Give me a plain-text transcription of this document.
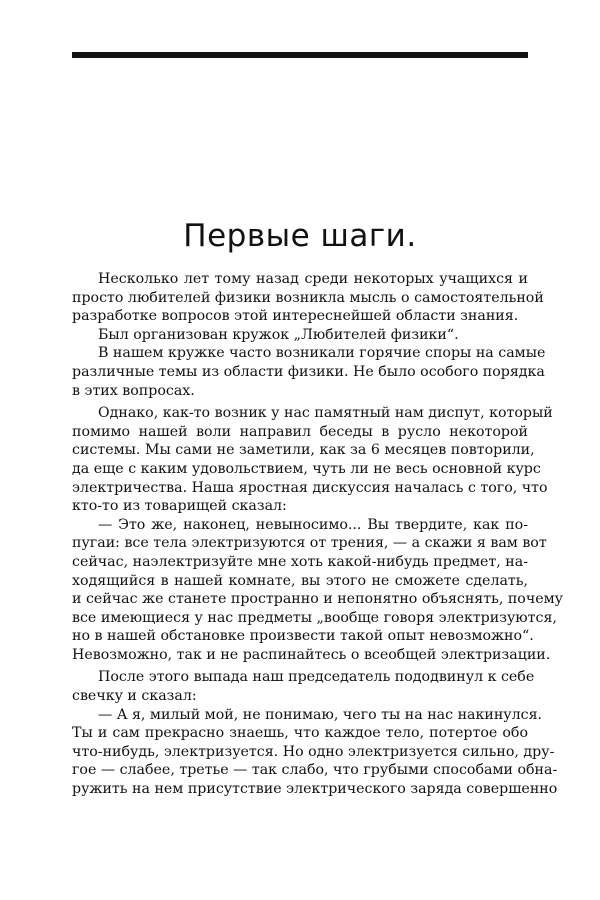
Первые шаги.
Несколько лет тому назад среди некоторых учащихся и
просто любителей физики возникла мысль о самостоятельной
разработке вопросов этой интереснейшей области знания.
Был организован кружок „Любителей физики“.
В нашем кружке часто возникали горячие споры на самые
различные темы из области физики. Не было особого порядка
в этих вопросах.
Однако, как-то возник у нас памятный нам диспут, который
помимо нашей воли направил беседы в русло некоторой
системы. Мы сами не заметили, как за 6 месяцев повторили,
да еще с каким удовольствием, чуть ли не весь основной курс
электричества. Наша яростная дискуссия началась с того, что
кто-то из товарищей сказал:
— Это же, наконец, невыносимо... Вы твердите, как по-
пугаи: все тела электризуются от трения, — а скажи я вам вот
сейчас, наэлектризуйте мне хоть какой-нибудь предмет, на-
ходящийся в нашей комнате, вы этого не сможете сделать,
и сейчас же станете пространно и непонятно объяснять, почему
все имеющиеся у нас предметы „вообще говоря электризуются,
но в нашей обстановке произвести такой опыт невозможно“.
Невозможно, так и не распинайтесь о всеобщей электризации.
После этого выпада наш председатель пододвинул к себе
свечку и сказал:
— А я, милый мой, не понимаю, чего ты на нас накинулся.
Ты и сам прекрасно знаешь, что каждое тело, потертое обо
что-нибудь, электризуется. Но одно электризуется сильно, дру-
гое — слабее, третье — так слабо, что грубыми способами обна-
ружить на нем присутствие электрического заряда совершенно
